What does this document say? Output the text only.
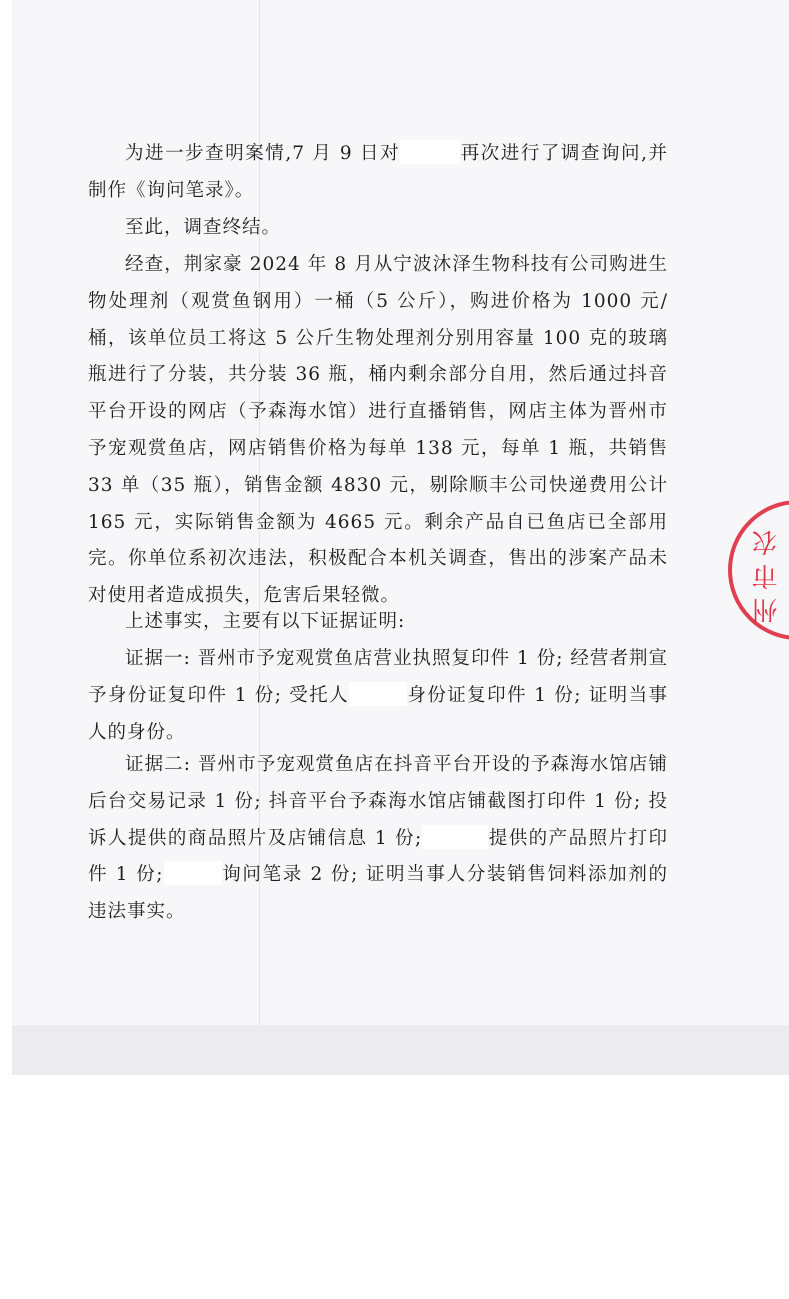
为进一步查明案情,7 月 9 日对	再次进行了调查询问,并制作《询问笔录》。

至此，调查终结。

经查，荆家豪 2024 年 8 月从宁波沐泽生物科技有公司购进生物处理剂（观赏鱼钢用）一桶（5 公斤），购进价格为 1000 元/桶，该单位员工将这 5 公斤生物处理剂分别用容量 100 克的玻璃瓶进行了分装，共分装 36 瓶，桶内剩余部分自用，然后通过抖音平台开设的网店（予森海水馆）进行直播销售，网店主体为晋州市予宠观赏鱼店，网店销售价格为每单 138 元，每单 1 瓶，共销售 33 单（35 瓶），销售金额 4830 元，剔除顺丰公司快递费用公计 165 元，实际销售金额为 4665 元。剩余产品自已鱼店已全部用完。你单位系初次违法，积极配合本机关调查，售出的涉案产品未对使用者造成损失，危害后果轻微。

上述事实，主要有以下证据证明:

证据一: 晋州市予宠观赏鱼店营业执照复印件 1 份; 经营者荆宣予身份证复印件 1 份; 受托人	身份证复印件 1 份; 证明当事人的身份。

证据二: 晋州市予宠观赏鱼店在抖音平台开设的予森海水馆店铺后台交易记录 1 份; 抖音平台予森海水馆店铺截图打印件 1 份; 投诉人提供的商品照片及店铺信息 1 份;	提供的产品照片打印件 1 份;	询问笔录 2 份; 证明当事人分装销售饲料添加剂的违法事实。

州市农
